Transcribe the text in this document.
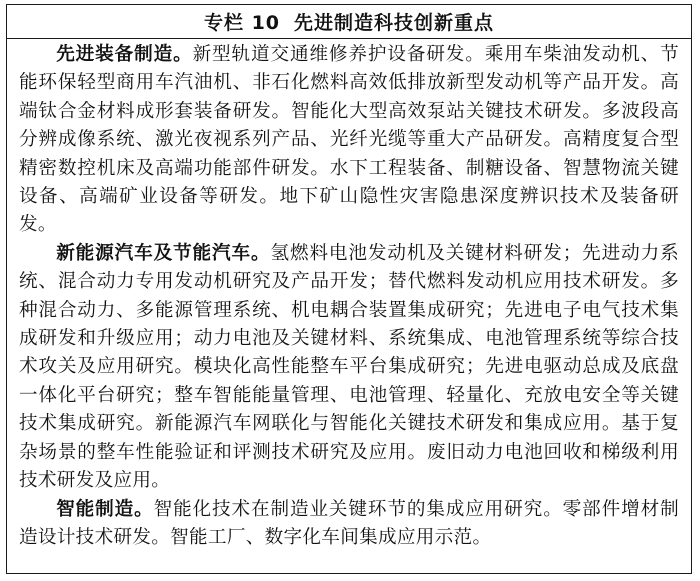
专栏 10 先进制造科技创新重点

先进装备制造。新型轨道交通维修养护设备研发。乘用车柴油发动机、节能环保轻型商用车汽油机、非石化燃料高效低排放新型发动机等产品开发。高端钛合金材料成形套装备研发。智能化大型高效泵站关键技术研发。多波段高分辨成像系统、激光夜视系列产品、光纤光缆等重大产品研发。高精度复合型精密数控机床及高端功能部件研发。水下工程装备、制糖设备、智慧物流关键设备、高端矿业设备等研发。地下矿山隐性灾害隐患深度辨识技术及装备研发。

新能源汽车及节能汽车。氢燃料电池发动机及关键材料研发；先进动力系统、混合动力专用发动机研究及产品开发；替代燃料发动机应用技术研发。多种混合动力、多能源管理系统、机电耦合装置集成研究；先进电子电气技术集成研发和升级应用；动力电池及关键材料、系统集成、电池管理系统等综合技术攻关及应用研究。模块化高性能整车平台集成研究；先进电驱动总成及底盘一体化平台研究；整车智能能量管理、电池管理、轻量化、充放电安全等关键技术集成研究。新能源汽车网联化与智能化关键技术研发和集成应用。基于复杂场景的整车性能验证和评测技术研究及应用。废旧动力电池回收和梯级利用技术研发及应用。

智能制造。智能化技术在制造业关键环节的集成应用研究。零部件增材制造设计技术研发。智能工厂、数字化车间集成应用示范。
